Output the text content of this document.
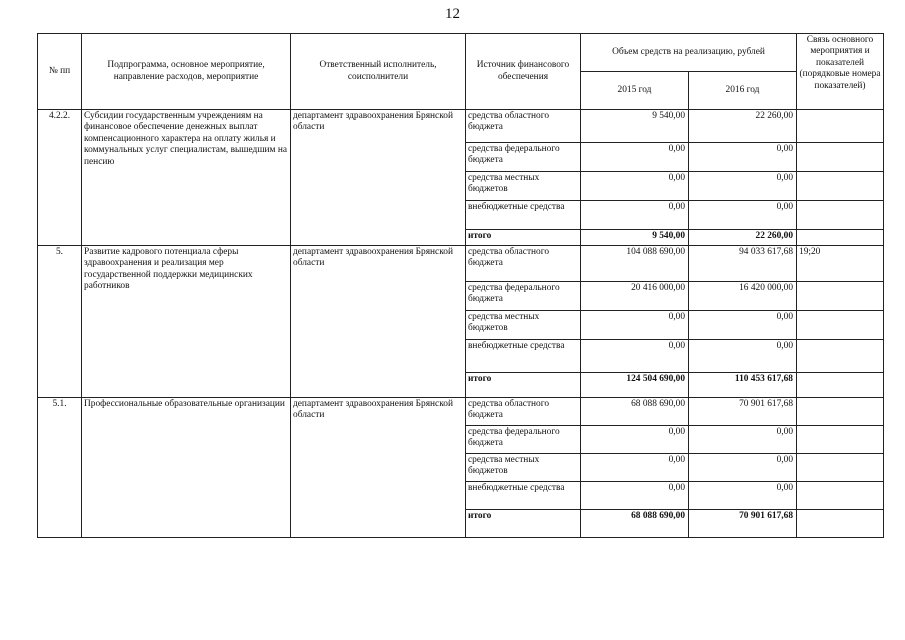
12
№ пп	Подпрограмма, основное мероприятие, направление расходов, мероприятие	Ответственный исполнитель, соисполнители	Источник финансового обеспечения	Объем средств на реализацию, рублей		Связь основного мероприятия и показателей (порядковые номера показателей)
				2015 год	2016 год	
4.2.2.	Субсидии государственным учреждениям на финансовое обеспечение денежных выплат компенсационного характера на оплату жилья и коммунальных услуг специалистам, вышедшим на пенсию	департамент здравоохранения Брянской области	средства областного бюджета	9 540,00	22 260,00	
			средства федерального бюджета	0,00	0,00	
			средства местных бюджетов	0,00	0,00	
			внебюджетные средства	0,00	0,00	
			итого	9 540,00	22 260,00	
5.	Развитие кадрового потенциала сферы здравоохранения и реализация мер государственной поддержки медицинских работников	департамент здравоохранения Брянской области	средства областного бюджета	104 088 690,00	94 033 617,68	19;20
			средства федерального бюджета	20 416 000,00	16 420 000,00	
			средства местных бюджетов	0,00	0,00	
			внебюджетные средства	0,00	0,00	
			итого	124 504 690,00	110 453 617,68	
5.1.	Профессиональные образовательные организации	департамент здравоохранения Брянской области	средства областного бюджета	68 088 690,00	70 901 617,68	
			средства федерального бюджета	0,00	0,00	
			средства местных бюджетов	0,00	0,00	
			внебюджетные средства	0,00	0,00	
			итого	68 088 690,00	70 901 617,68	
